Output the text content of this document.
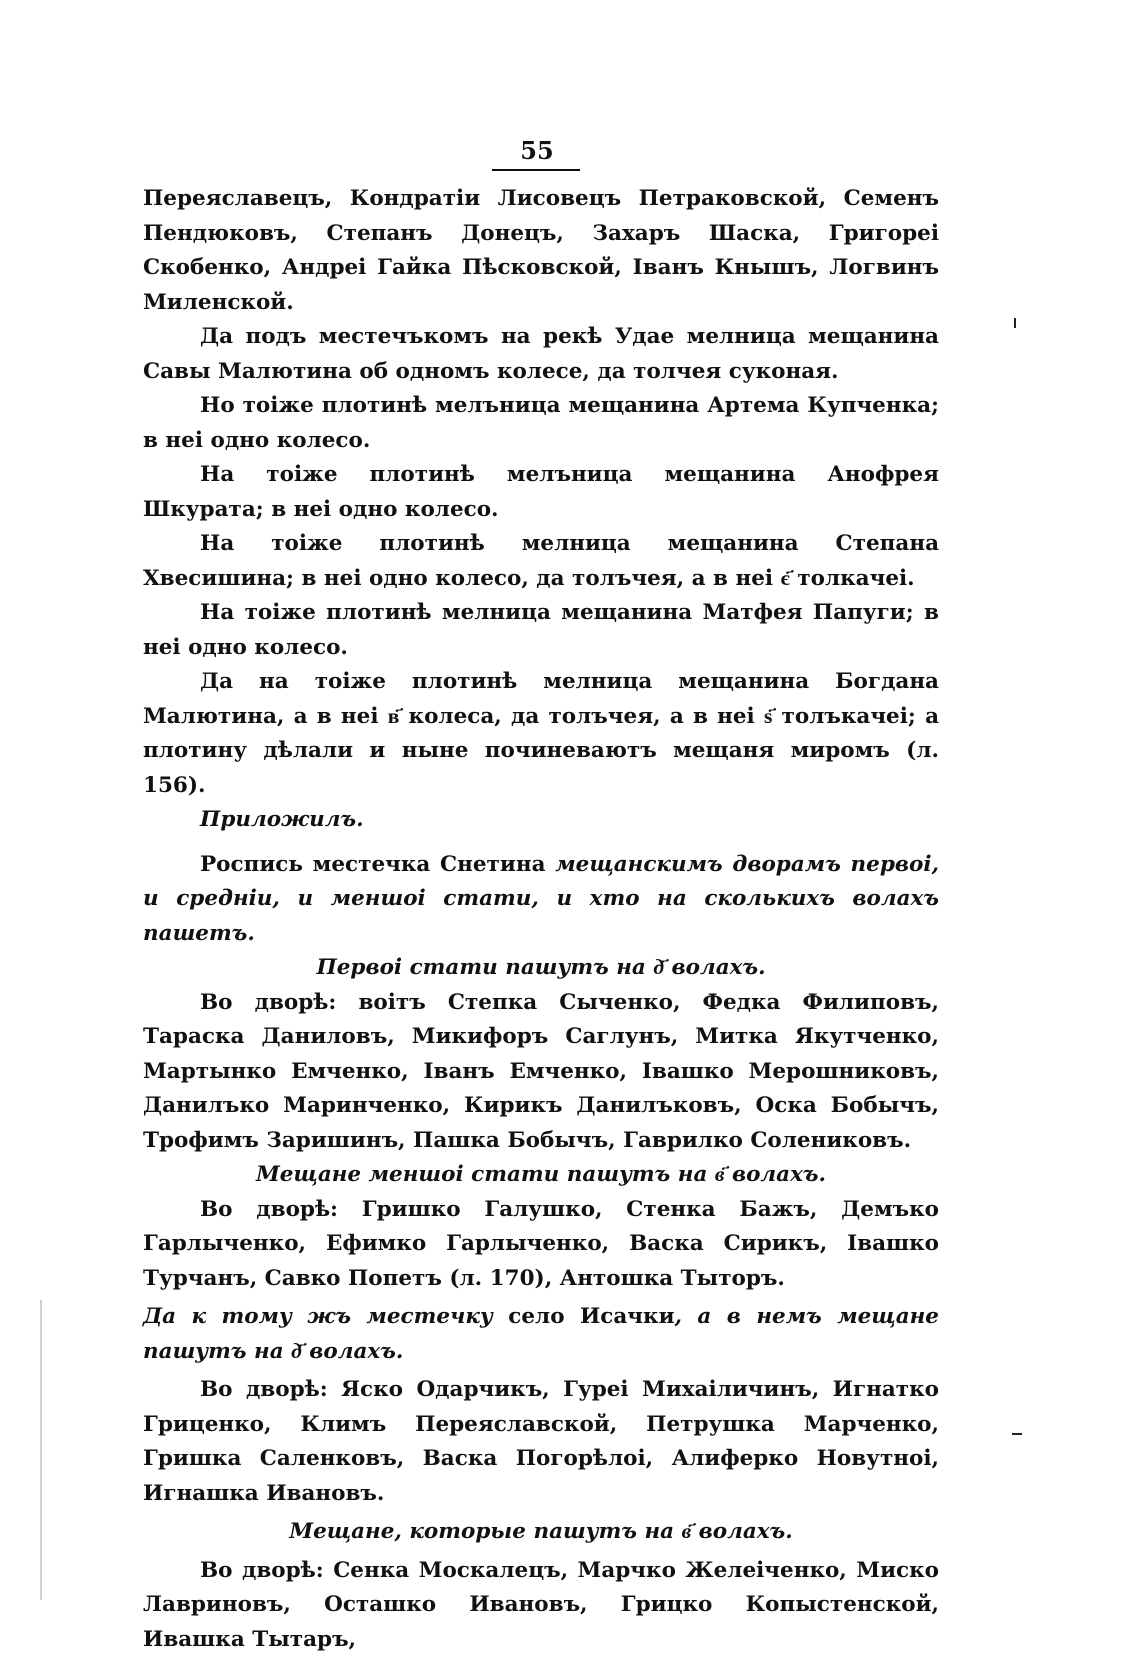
55

Переяславецъ, Кондратіи Лисовецъ Петраковской, Семенъ Пендюковъ, Степанъ Донецъ, Захаръ Шаска, Григореі Скобенко, Андреі Гайка Пѣсковской, Іванъ Кнышъ, Логвинъ Миленской.

Да подъ местечъкомъ на рекѣ Удае мелница мещанина Савы Малютина об одномъ колесе, да толчея суконая.

Но тоіже плотинѣ мелъница мещанина Артема Купченка; в неі одно колесо.

На тоіже плотинѣ мелъница мещанина Анофрея Шкурата; в неі одно колесо.

На тоіже плотинѣ мелница мещанина Степана Хвесишина; в неі одно колесо, да толъчея, а в неі є҃ толкачеі.

На тоіже плотинѣ мелница мещанина Матфея Папуги; в неі одно колесо.

Да на тоіже плотинѣ мелница мещанина Богдана Малютина, а в неі в҃ колеса, да толъчея, а в неі ѕ҃ толъкачеі; а плотину дѣлали и ныне починеваютъ мещаня миромъ (л. 156).

Приложилъ.

Роспись местечка Снетина мещанскимъ дворамъ первоі, и средніи, и меншоі стати, и хто на сколькихъ волахъ пашетъ.

Первоі стати пашутъ на д҃ волахъ.

Во дворѣ: воітъ Степка Сыченко, Федка Филиповъ, Тараска Даниловъ, Микифоръ Саглунъ, Митка Якутченко, Мартынко Емченко, Іванъ Емченко, Івашко Мерошниковъ, Данилъко Маринченко, Кирикъ Данилъковъ, Оска Бобычъ, Трофимъ Заришинъ, Пашка Бобычъ, Гаврилко Солениковъ.

Мещане меншоі стати пашутъ на в҃ волахъ.

Во дворѣ: Гришко Галушко, Стенка Бажъ, Демъко Гарлыченко, Ефимко Гарлыченко, Васка Сирикъ, Івашко Турчанъ, Савко Попетъ (л. 170), Антошка Тыторъ.

Да к тому жъ местечку село Исачки, а в немъ мещане пашутъ на д҃ волахъ.

Во дворѣ: Яско Одарчикъ, Гуреі Михаіличинъ, Игнатко Гриценко, Климъ Переяславской, Петрушка Марченко, Гришка Саленковъ, Васка Погорѣлоі, Алиферко Новутноі, Игнашка Ивановъ.

Мещане, которые пашутъ на в҃ волахъ.

Во дворѣ: Сенка Москалецъ, Марчко Желеіченко, Миско Лавриновъ, Осташко Ивановъ, Грицко Копыстенской, Ивашка Тытаръ,
